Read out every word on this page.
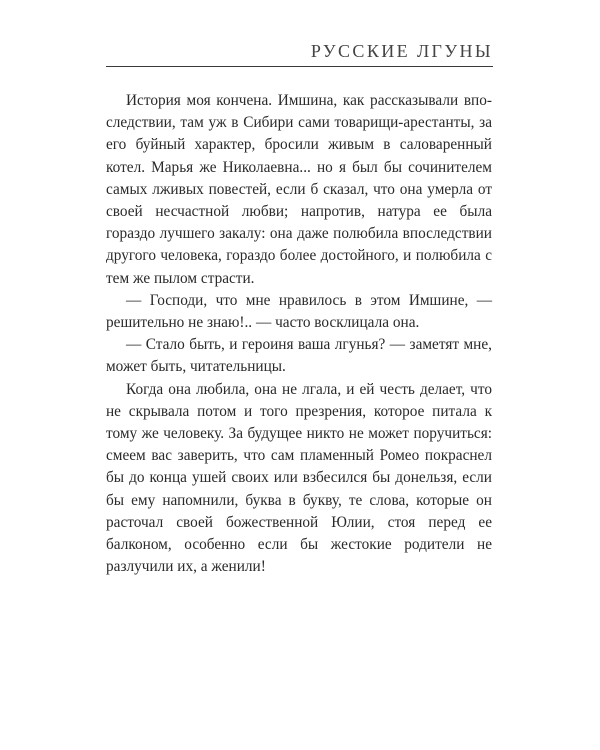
РУССКИЕ ЛГУНЫ

История моя кончена. Имшина, как рассказывали впоследствии, там уж в Сибири сами товарищи-арестанты, за его буйный характер, бросили живым в саловаренный котел. Марья же Николаевна... но я был бы сочинителем самых лживых повестей, если б сказал, что она умерла от своей несчастной любви; напротив, натура ее была гораздо лучшего закалу: она даже полюбила впоследствии другого человека, гораздо более достойного, и полюбила с тем же пылом страсти.

— Господи, что мне нравилось в этом Имшине, — решительно не знаю!.. — часто восклицала она.

— Стало быть, и героиня ваша лгунья? — заметят мне, может быть, читательницы.

Когда она любила, она не лгала, и ей честь делает, что не скрывала потом и того презрения, которое питала к тому же человеку. За будущее никто не может поручиться: смеем вас заверить, что сам пламенный Ромео покраснел бы до конца ушей своих или взбесился бы донельзя, если бы ему напомнили, буква в букву, те слова, которые он расточал своей божественной Юлии, стоя перед ее балконом, особенно если бы жестокие родители не разлучили их, а женили!
